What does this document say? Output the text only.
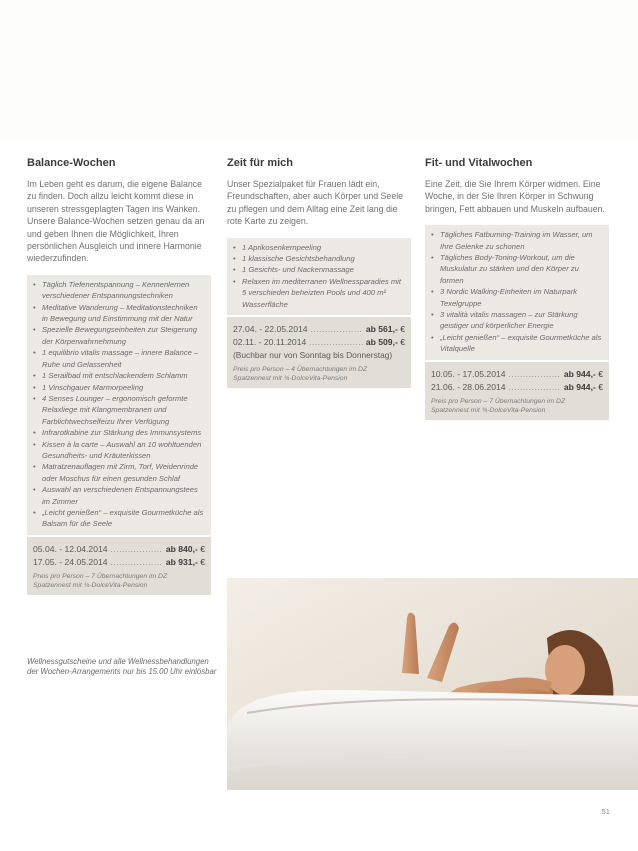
Balance-Wochen

Im Leben geht es darum, die eigene Balance zu finden. Doch allzu leicht kommt diese in unseren stressgeplagten Tagen ins Wanken. Unsere Balance-Wochen setzen genau da an und geben Ihnen die Möglichkeit, Ihren persönlichen Ausgleich und innere Harmonie wiederzufinden.

• Täglich Tiefenentspannung – Kennenlernen verschiedener Entspannungstechniken
• Meditative Wanderung – Meditationstechniken in Bewegung und Einstimmung mit der Natur
• Spezielle Bewegungseinheiten zur Steigerung der Körperwahrnehmung
• 1 equilibrio vitalis massage – innere Balance – Ruhe und Gelassenheit
• 1 Serailbad mit entschlackendem Schlamm
• 1 Vinschgauer Marmorpeeling
• 4 Senses Lounger – ergonomisch geformte Relaxliege mit Klangmembranen und Farblichtwechselfeizu Ihrer Verfügung
• Infrarotkabine zur Stärkung des Immunsystems
• Kissen à la carte – Auswahl an 10 wohltuenden Gesundheits- und Kräuterkissen
• Matratzenauflagen mit Zirm, Torf, Weidenrinde oder Moschus für einen gesunden Schlaf
• Auswahl an verschiedenen Entspannungstees im Zimmer
• „Leicht genießen“ – exquisite Gourmetküche als Balsam für die Seele
05.04. - 12.04.2014 .....	ab 840,- €
17.05. - 24.05.2014 .....	ab 931,- €
Preis pro Person – 7 Übernachtungen im DZ Spatzennest mit ¾-DolceVita-Pension
Zeit für mich

Unser Spezialpaket für Frauen lädt ein, Freundschaften, aber auch Körper und Seele zu pflegen und dem Alltag eine Zeit lang die rote Karte zu zeigen.

• 1 Aprikosenkernpeeling
• 1 klassische Gesichtsbehandlung
• 1 Gesichts- und Nackenmassage
• Relaxen im mediterranen Wellnessparadies mit 5 verschieden beheizten Pools und 400 m² Wasserfläche
27.04. - 22.05.2014 .....	ab 561,- €
02.11. - 20.11.2014 .....	ab 509,- €
(Buchbar nur von Sonntag bis Donnerstag)
Preis pro Person – 4 Übernachtungen im DZ Spatzennest mit ¾-DolceVita-Pension
Fit- und Vitalwochen

Eine Zeit, die Sie Ihrem Körper widmen. Eine Woche, in der Sie Ihren Körper in Schwung bringen, Fett abbauen und Muskeln aufbauen.

• Tägliches Fatburning-Training im Wasser, um Ihre Gelenke zu schonen
• Tägliches Body-Toning-Workout, um die Muskulatur zu stärken und den Körper zu formen
• 3 Nordic Walking-Einheiten im Naturpark Texelgruppe
• 3 vitalità vitalis massagen – zur Stärkung geistiger und körperlicher Energie
• „Leicht genießen“ – exquisite Gourmetküche als Vitalquelle
10.05. - 17.05.2014 .....	ab 944,- €
21.06. - 28.06.2014 .....	ab 944,- €
Preis pro Person – 7 Übernachtungen im DZ Spatzennest mit ¾-DolceVita-Pension
Wellnessgutscheine und alle Wellnessbehandlungen der Wochen-Arrangements nur bis 15.00 Uhr einlösbar
51
